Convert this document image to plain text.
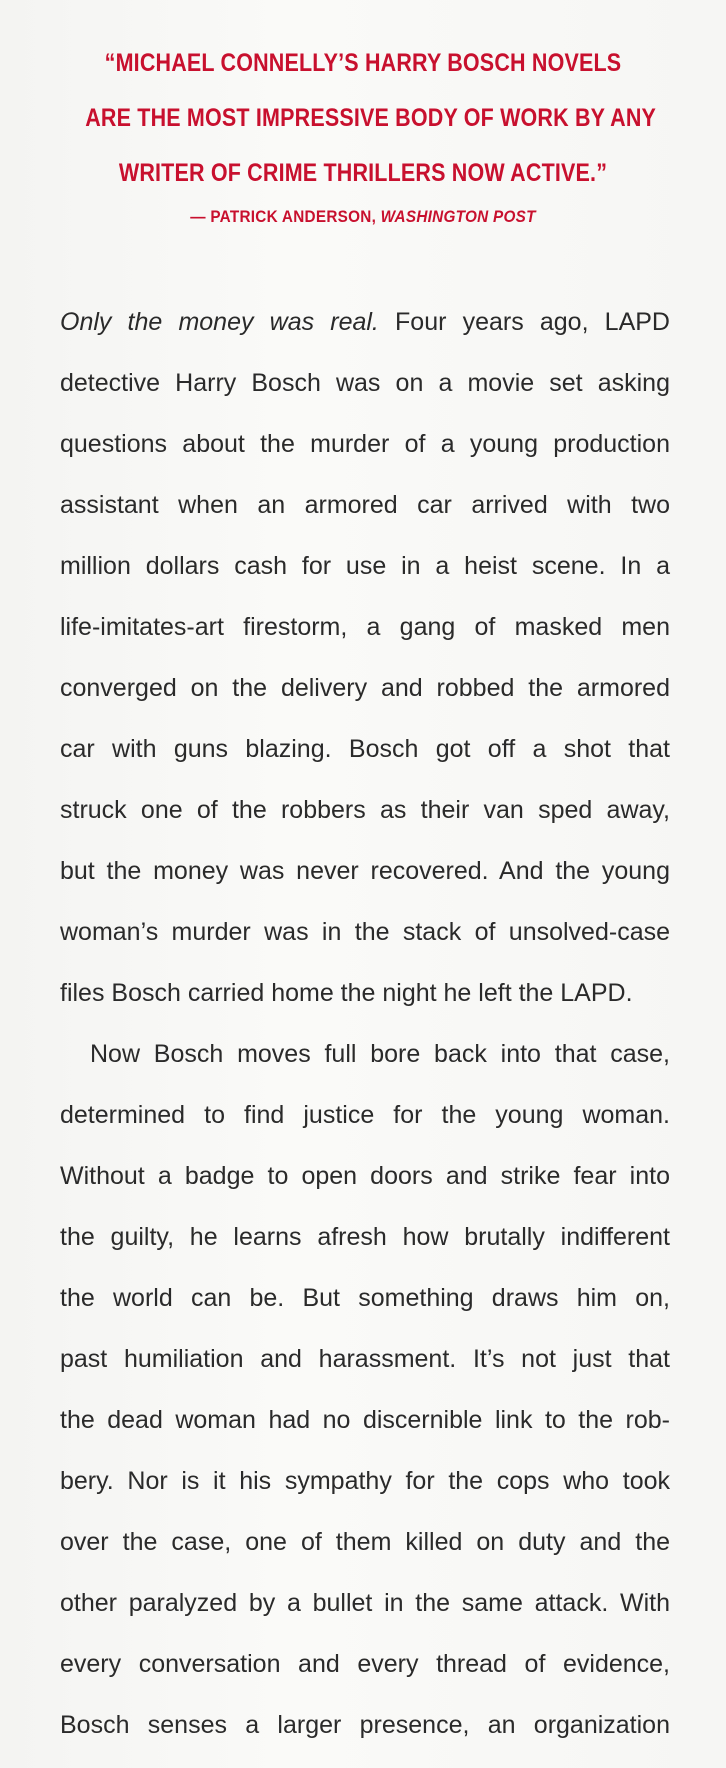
“MICHAEL CONNELLY’S HARRY BOSCH NOVELS
ARE THE MOST IMPRESSIVE BODY OF WORK BY ANY
WRITER OF CRIME THRILLERS NOW ACTIVE.”
— PATRICK ANDERSON, WASHINGTON POST
Only the money was real. Four years ago, LAPD
detective Harry Bosch was on a movie set asking
questions about the murder of a young production
assistant when an armored car arrived with two
million dollars cash for use in a heist scene. In a
life-imitates-art firestorm, a gang of masked men
converged on the delivery and robbed the armored
car with guns blazing. Bosch got off a shot that
struck one of the robbers as their van sped away,
but the money was never recovered. And the young
woman’s murder was in the stack of unsolved-case
files Bosch carried home the night he left the LAPD.
Now Bosch moves full bore back into that case,
determined to find justice for the young woman.
Without a badge to open doors and strike fear into
the guilty, he learns afresh how brutally indifferent
the world can be. But something draws him on,
past humiliation and harassment. It’s not just that
the dead woman had no discernible link to the rob-
bery. Nor is it his sympathy for the cops who took
over the case, one of them killed on duty and the
other paralyzed by a bullet in the same attack. With
every conversation and every thread of evidence,
Bosch senses a larger presence, an organization
